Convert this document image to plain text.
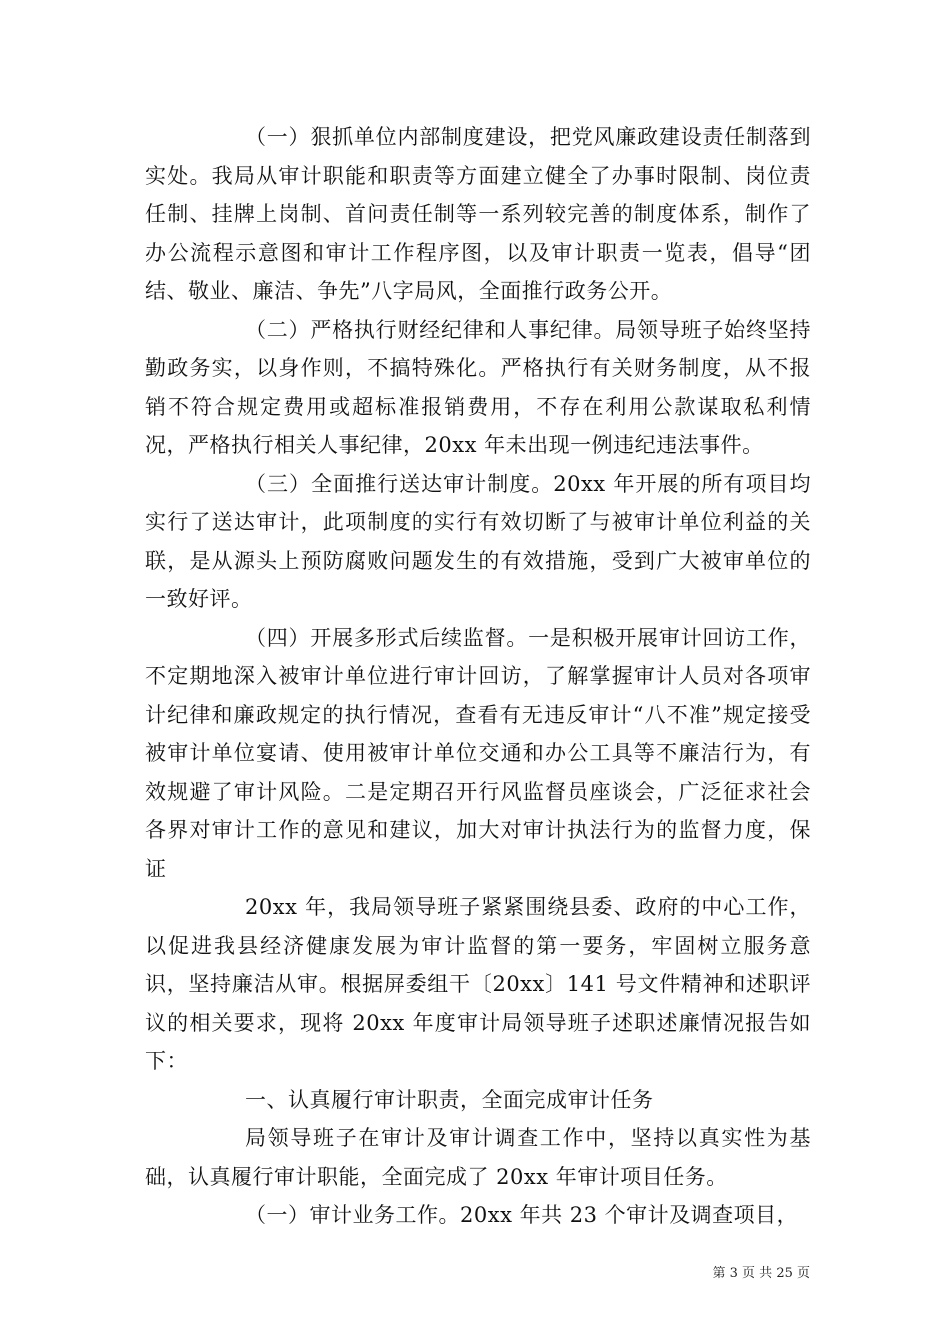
（一）狠抓单位内部制度建设，把党风廉政建设责任制落到实处。我局从审计职能和职责等方面建立健全了办事时限制、岗位责任制、挂牌上岗制、首问责任制等一系列较完善的制度体系，制作了办公流程示意图和审计工作程序图，以及审计职责一览表，倡导“团结、敬业、廉洁、争先”八字局风，全面推行政务公开。

（二）严格执行财经纪律和人事纪律。局领导班子始终坚持勤政务实，以身作则，不搞特殊化。严格执行有关财务制度，从不报销不符合规定费用或超标准报销费用，不存在利用公款谋取私利情况，严格执行相关人事纪律，20xx 年未出现一例违纪违法事件。

（三）全面推行送达审计制度。20xx 年开展的所有项目均实行了送达审计，此项制度的实行有效切断了与被审计单位利益的关联，是从源头上预防腐败问题发生的有效措施，受到广大被审单位的一致好评。

（四）开展多形式后续监督。一是积极开展审计回访工作，不定期地深入被审计单位进行审计回访，了解掌握审计人员对各项审计纪律和廉政规定的执行情况，查看有无违反审计“八不准”规定接受被审计单位宴请、使用被审计单位交通和办公工具等不廉洁行为，有效规避了审计风险。二是定期召开行风监督员座谈会，广泛征求社会各界对审计工作的意见和建议，加大对审计执法行为的监督力度，保证

20xx 年，我局领导班子紧紧围绕县委、政府的中心工作，以促进我县经济健康发展为审计监督的第一要务，牢固树立服务意识，坚持廉洁从审。根据屏委组干〔20xx〕141 号文件精神和述职评议的相关要求，现将 20xx 年度审计局领导班子述职述廉情况报告如下：

一、认真履行审计职责，全面完成审计任务

局领导班子在审计及审计调查工作中，坚持以真实性为基础，认真履行审计职能，全面完成了 20xx 年审计项目任务。

（一）审计业务工作。20xx 年共 23 个审计及调查项目，

第 3 页 共 25 页
